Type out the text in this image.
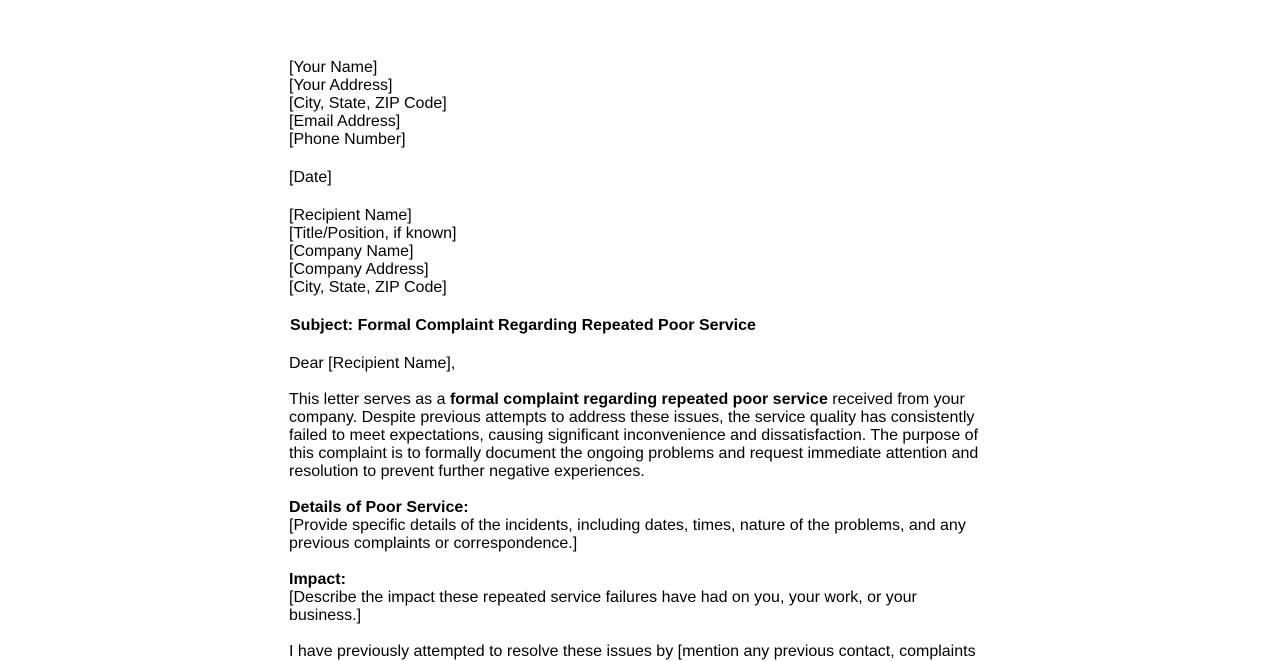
[Your Name]
[Your Address]
[City, State, ZIP Code]
[Email Address]
[Phone Number]
[Date]
[Recipient Name]
[Title/Position, if known]
[Company Name]
[Company Address]
[City, State, ZIP Code]
Subject: Formal Complaint Regarding Repeated Poor Service
Dear [Recipient Name],
This letter serves as a formal complaint regarding repeated poor service received from your company. Despite previous attempts to address these issues, the service quality has consistently failed to meet expectations, causing significant inconvenience and dissatisfaction. The purpose of this complaint is to formally document the ongoing problems and request immediate attention and resolution to prevent further negative experiences.
Details of Poor Service:
[Provide specific details of the incidents, including dates, times, nature of the problems, and any previous complaints or correspondence.]
Impact:
[Describe the impact these repeated service failures have had on you, your work, or your business.]
I have previously attempted to resolve these issues by [mention any previous contact, complaints
